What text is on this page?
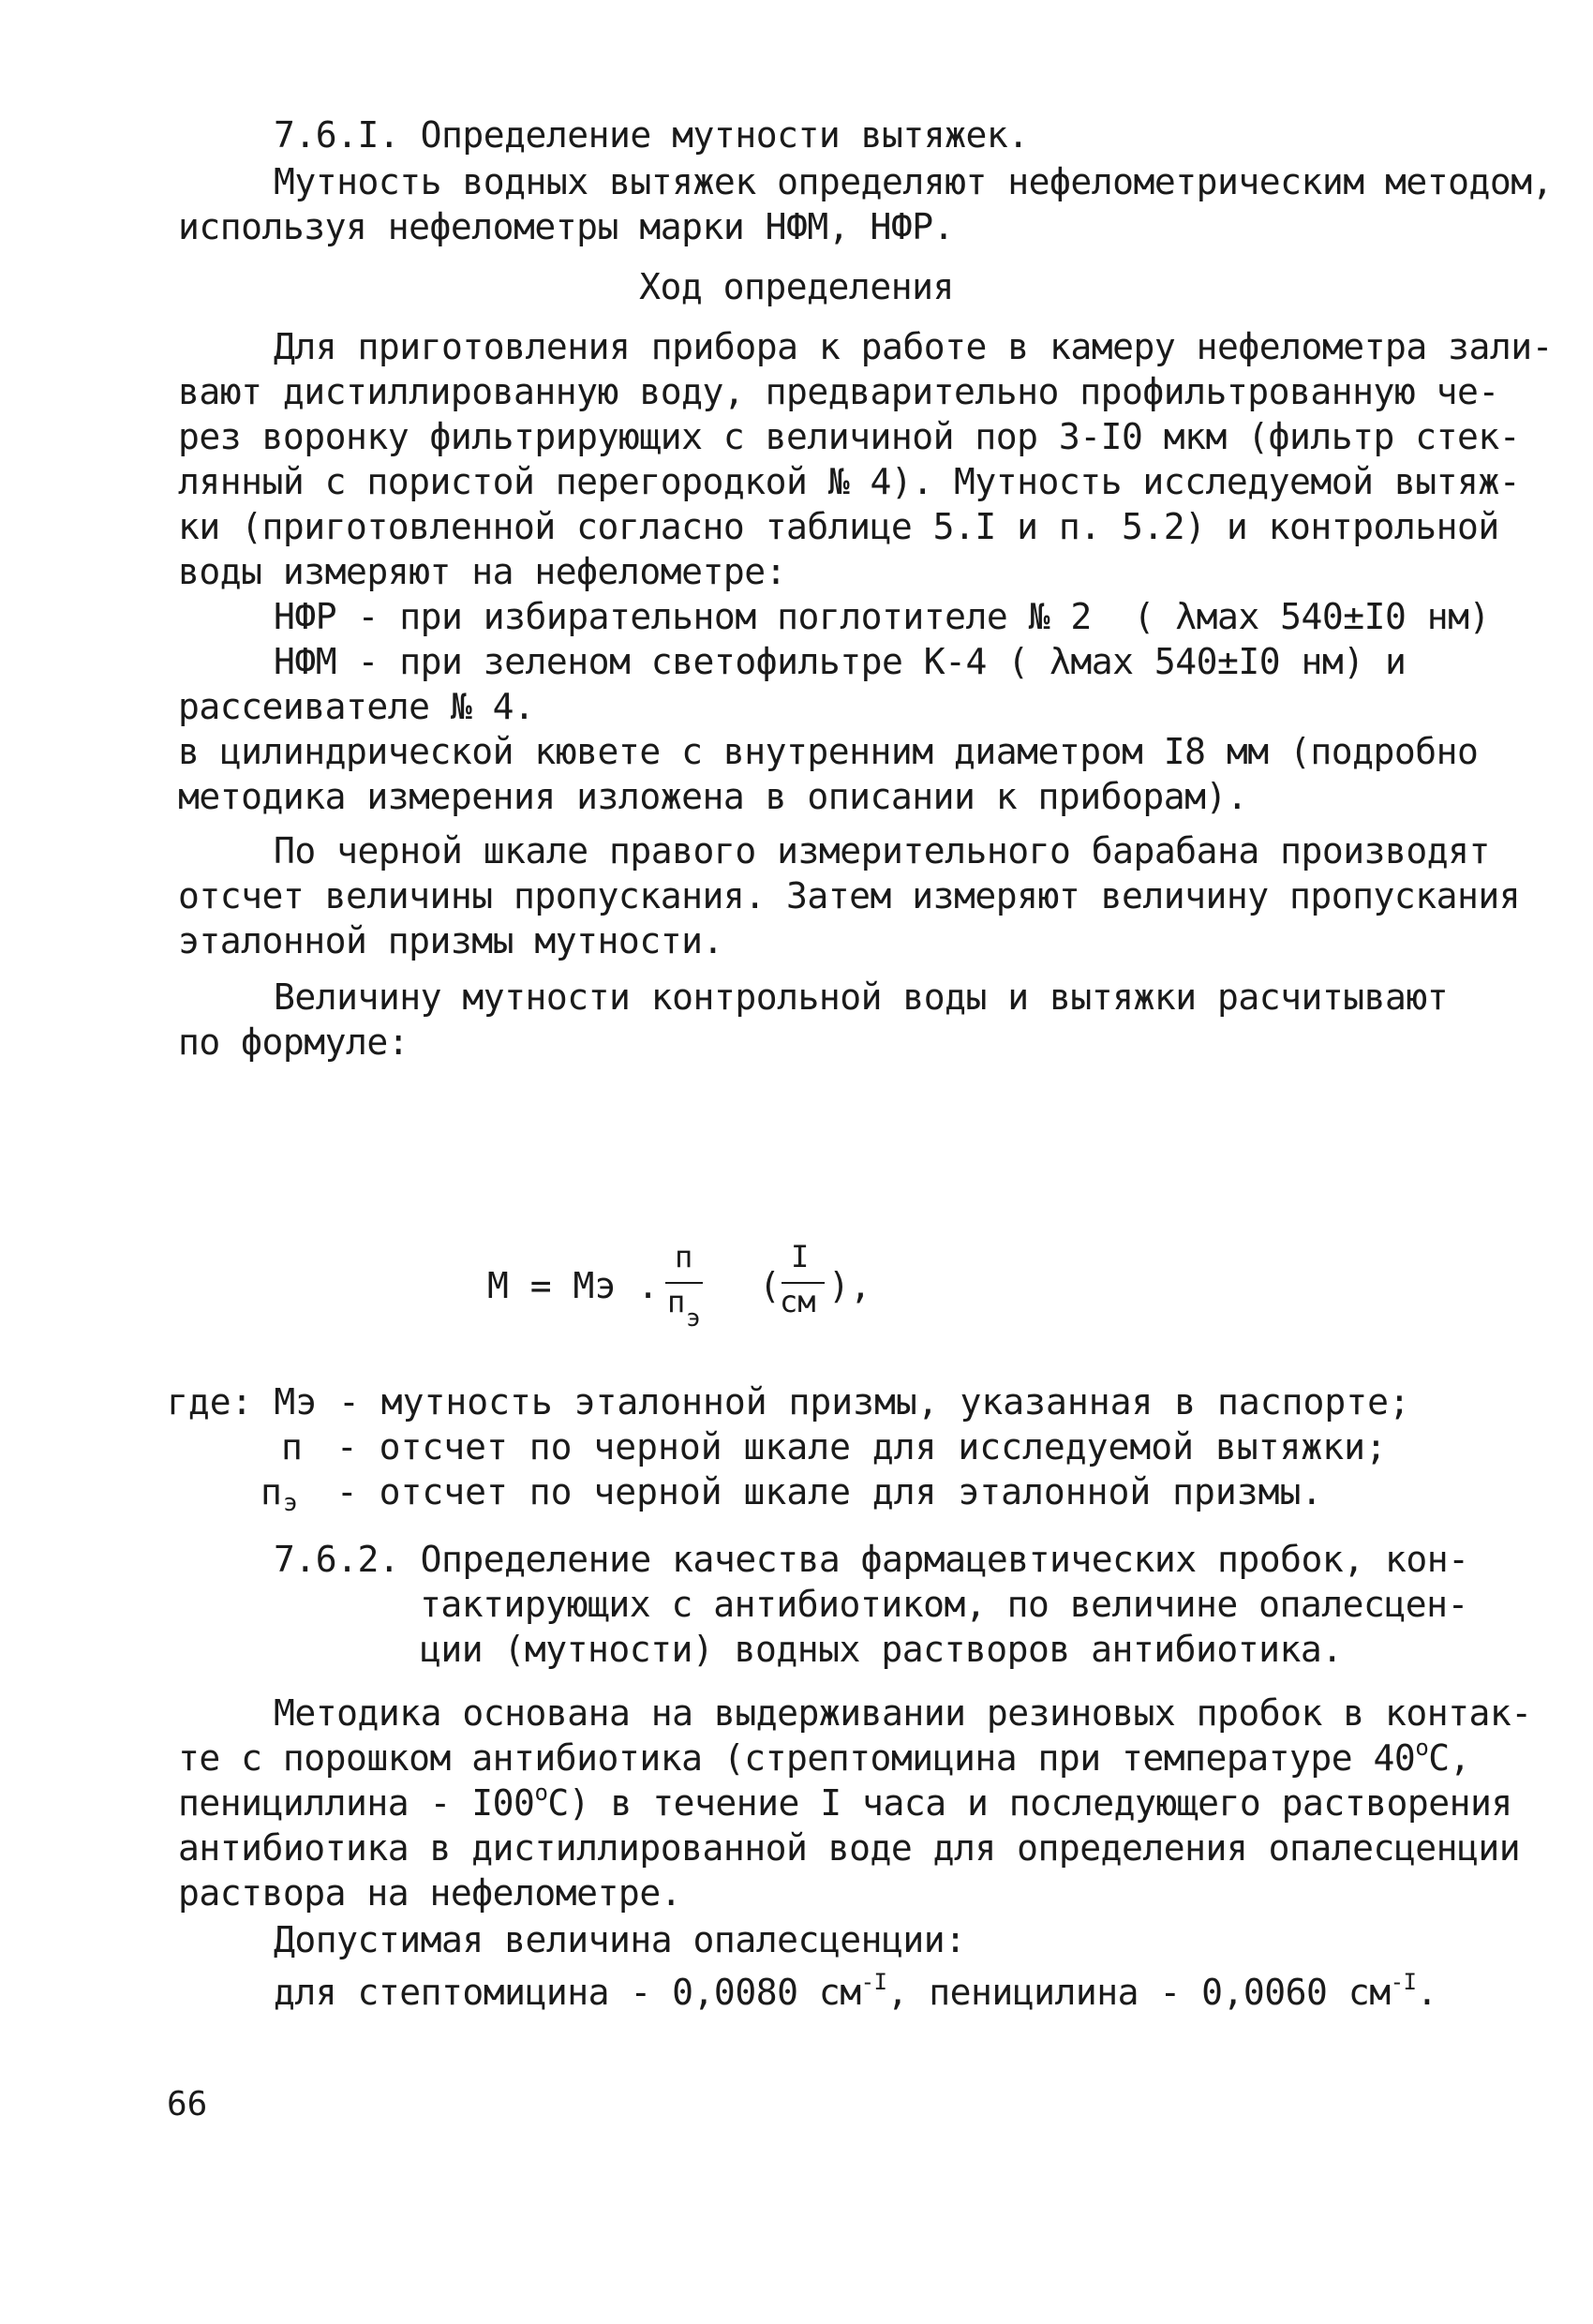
7.6.I. Определение мутности вытяжек.
Мутность водных вытяжек определяют нефелометрическим методом,
используя нефелометры марки НФМ, НФР.
Ход определения
Для приготовления прибора к работе в камеру нефелометра зали-
вают дистиллированную воду, предварительно профильтрованную че-
рез воронку фильтрирующих с величиной пор 3-I0 мкм (фильтр стек-
лянный с пористой перегородкой № 4). Мутность исследуемой вытяж-
ки (приготовленной согласно таблице 5.I и п. 5.2) и контрольной
воды измеряют на нефелометре:
НФР - при избирательном поглотителе № 2  ( λмах 540±I0 нм)
НФМ - при зеленом светофильтре К-4 ( λмах 540±I0 нм) и
рассеивателе № 4.
в цилиндрической кювете с внутренним диаметром I8 мм (подробно
методика измерения изложена в описании к приборам).
По черной шкале правого измерительного барабана производят
отсчет величины пропускания. Затем измеряют величину пропускания
эталонной призмы мутности.
Величину мутности контрольной воды и вытяжки расчитывают
по формуле:
М = Мэ .
п
п э
(
I
см ),
где: Мэ - мутность эталонной призмы, указанная в паспорте;
п - отсчет по черной шкале для исследуемой вытяжки;
п э - отсчет по черной шкале для эталонной призмы.
7.6.2. Определение качества фармацевтических пробок, кон-
тактирующих с антибиотиком, по величине опалесцен-
ции (мутности) водных растворов антибиотика.
Методика основана на выдерживании резиновых пробок в контак-
те с порошком антибиотика (стрептомицина при температуре $40^оС$,
пенициллина - $I00^оС$) в течение I часа и последующего растворения
антибиотика в дистиллированной воде для определения опалесценции
раствора на нефелометре.
Допустимая величина опалесценции:
для стептомицина - 0,0080 $см^{-I}$, пеницилина - 0,0060 $см^{-I}$.
66
